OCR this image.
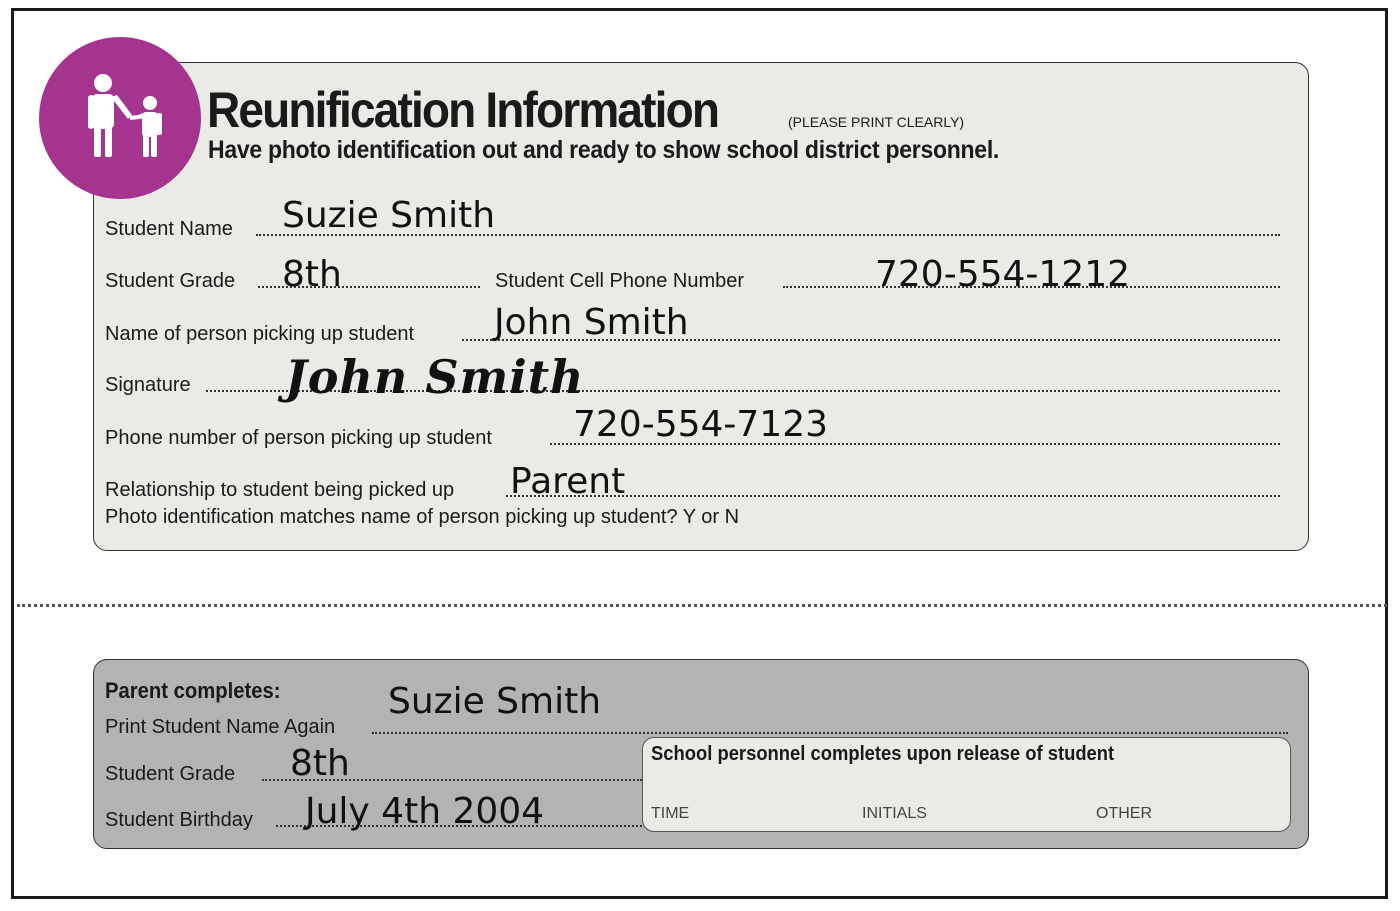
Reunification Information	(PLEASE PRINT CLEARLY)
Have photo identification out and ready to show school district personnel.
Student Name Suzie Smith
Student Grade 8th	Student Cell Phone Number	720-554-1212
Name of person picking up student John Smith
Signature John Smith
Phone number of person picking up student 720-554-7123
Relationship to student being picked up Parent
Photo identification matches name of person picking up student? Y or N
Parent completes:
Print Student Name Again
Suzie Smith
Student Grade 8th
Student Birthday July 4th 2004
School personnel completes upon release of student
TIME	INITIALS	OTHER
